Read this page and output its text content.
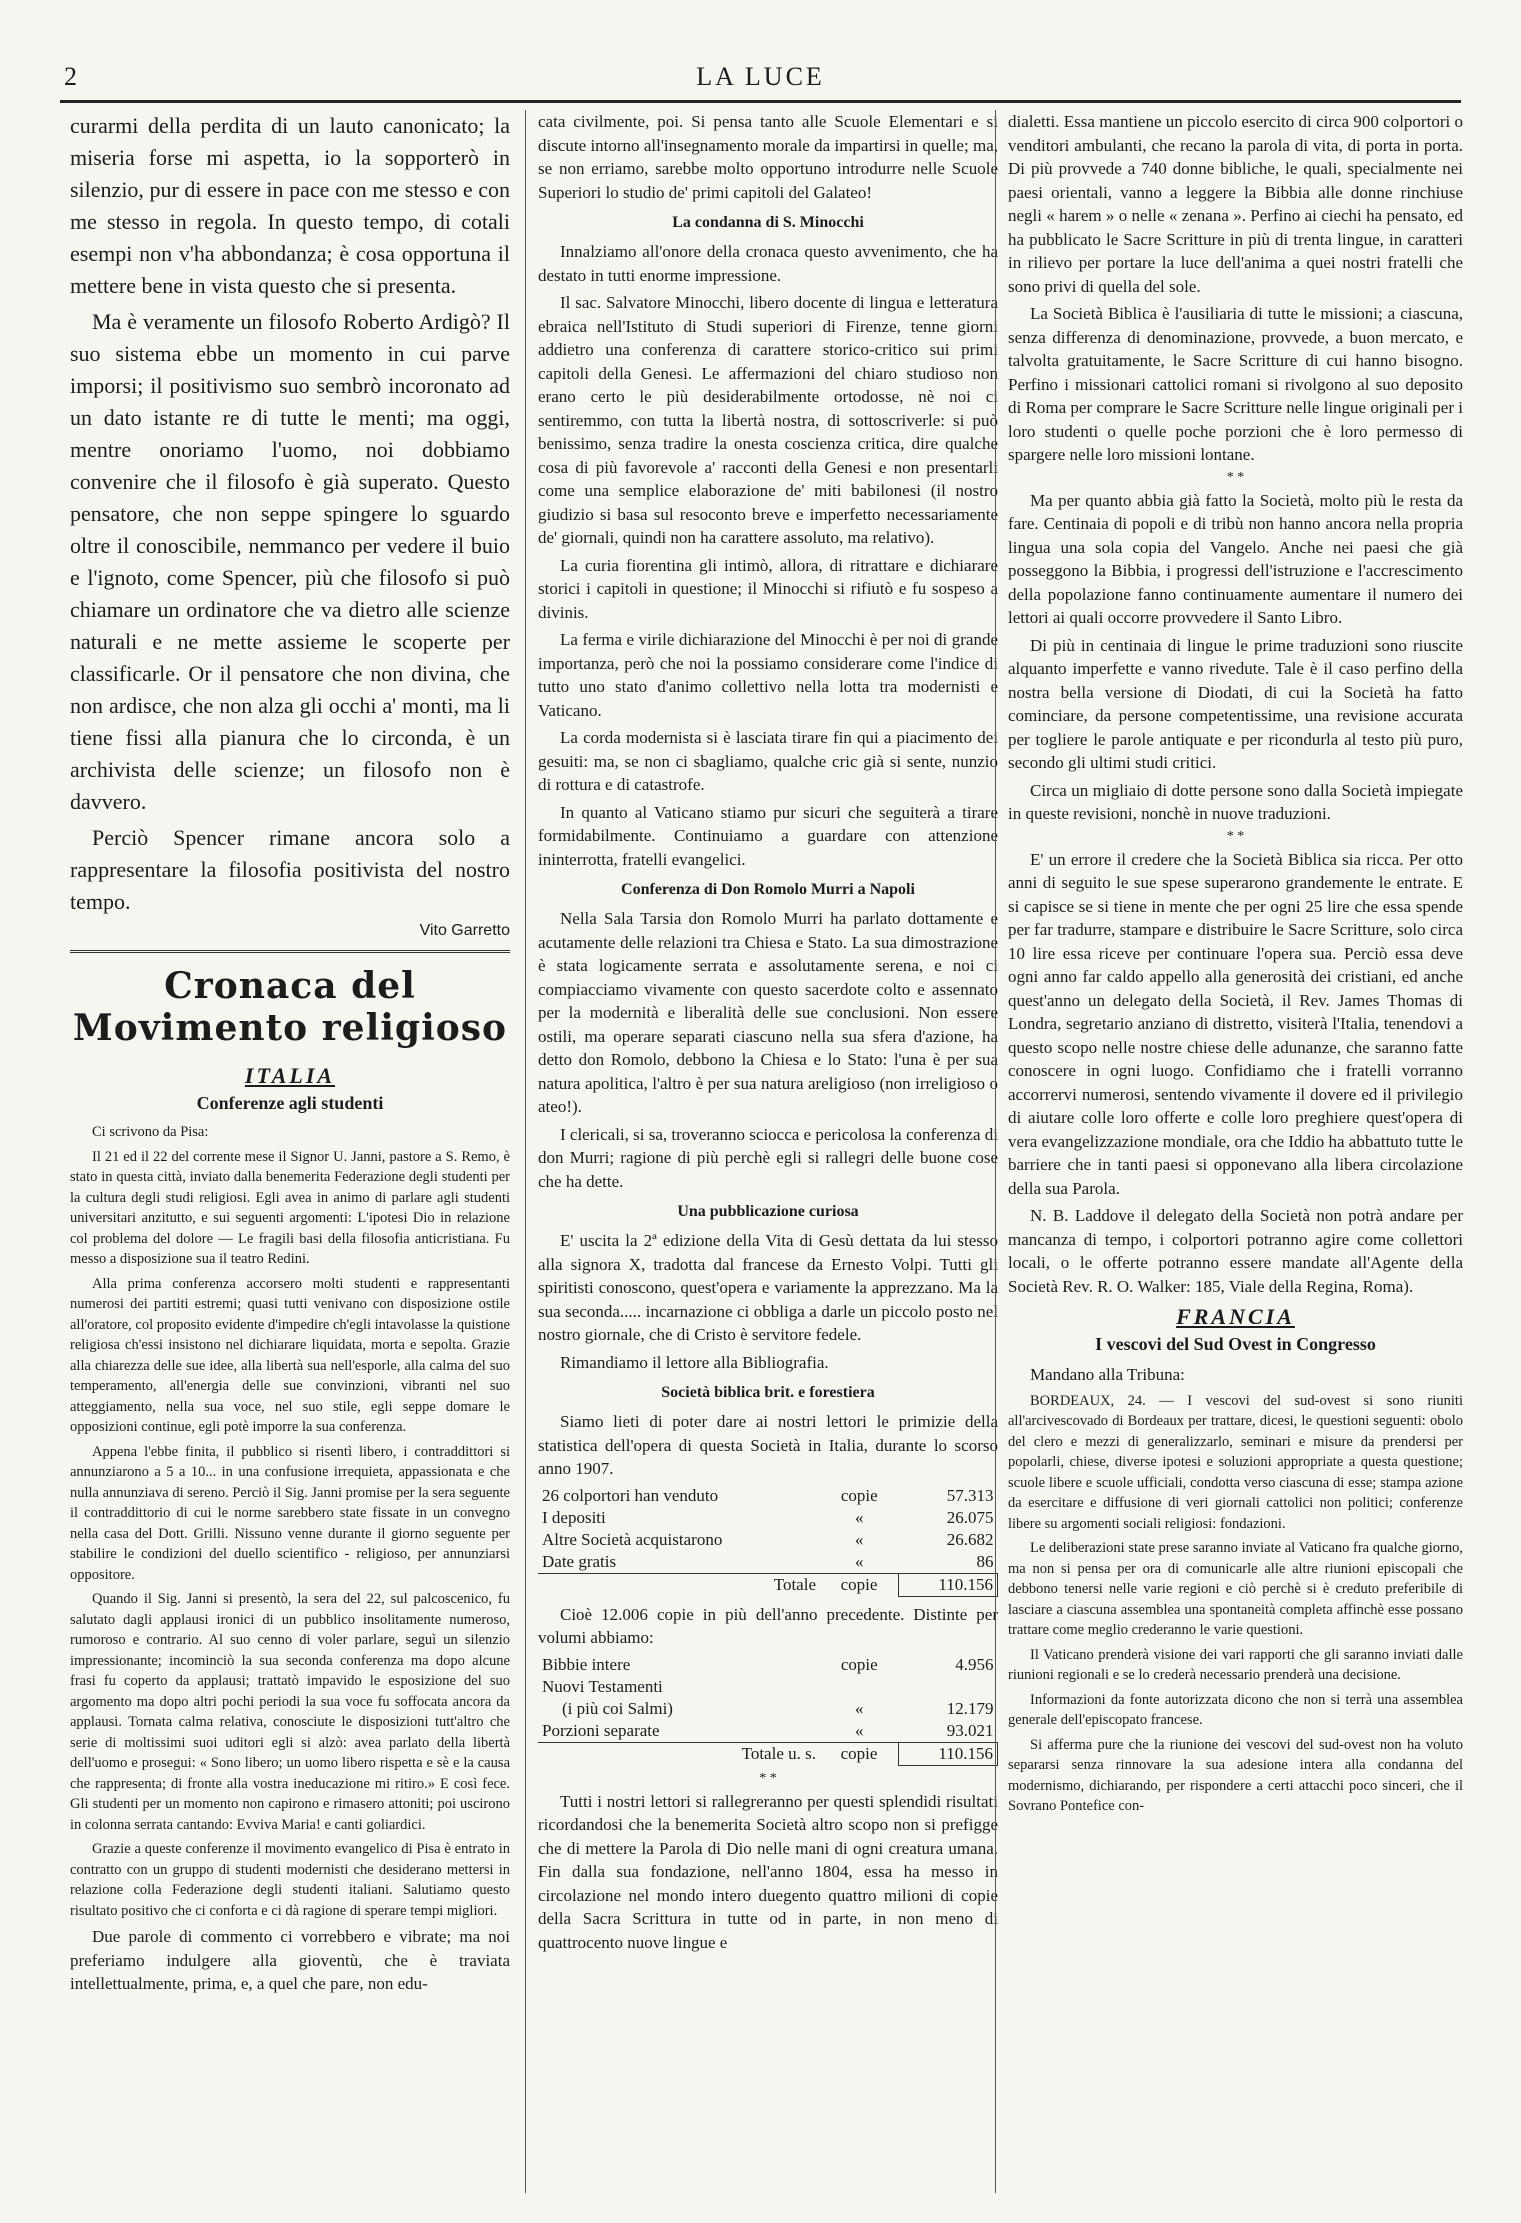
2	LA LUCE

curarmi della perdita di un lauto canonicato; la miseria forse mi aspetta, io la sopporterò in silenzio, pur di essere in pace con me stesso e con me stesso in regola. In questo tempo, di cotali esempi non v'ha abbondanza; è cosa opportuna il mettere bene in vista questo che si presenta.

Ma è veramente un filosofo Roberto Ardigò? Il suo sistema ebbe un momento in cui parve imporsi; il positivismo suo sembrò incoronato ad un dato istante re di tutte le menti; ma oggi, mentre onoriamo l'uomo, noi dobbiamo convenire che il filosofo è già superato. Questo pensatore, che non seppe spingere lo sguardo oltre il conoscibile, nemmanco per vedere il buio e l'ignoto, come Spencer, più che filosofo si può chiamare un ordinatore che va dietro alle scienze naturali e ne mette assieme le scoperte per classificarle. Or il pensatore che non divina, che non ardisce, che non alza gli occhi a' monti, ma li tiene fissi alla pianura che lo circonda, è un archivista delle scienze; un filosofo non è davvero.

Perciò Spencer rimane ancora solo a rappresentare la filosofia positivista del nostro tempo.

Vito Garretto
Cronaca del Movimento religioso
ITALIA
Conferenze agli studenti

Ci scrivono da Pisa:

Il 21 ed il 22 del corrente mese il Signor U. Janni, pastore a S. Remo, è stato in questa città, inviato dalla benemerita Federazione degli studenti per la cultura degli studi religiosi. Egli avea in animo di parlare agli studenti universitari anzitutto, e sui seguenti argomenti: L'ipotesi Dio in relazione col problema del dolore — Le fragili basi della filosofia anticristiana. Fu messo a disposizione sua il teatro Redini.

Alla prima conferenza accorsero molti studenti e rappresentanti numerosi dei partiti estremi; quasi tutti venivano con disposizione ostile all'oratore, col proposito evidente d'impedire ch'egli intavolasse la quistione religiosa ch'essi insistono nel dichiarare liquidata, morta e sepolta. Grazie alla chiarezza delle sue idee, alla libertà sua nell'esporle, alla calma del suo temperamento, all'energia delle sue convinzioni, vibranti nel suo atteggiamento, nella sua voce, nel suo stile, egli seppe domare le opposizioni continue, egli potè imporre la sua conferenza.

Appena l'ebbe finita, il pubblico si risentì libero, i contraddittori si annunziarono a 5 a 10... in una confusione irrequieta, appassionata e che nulla annunziava di sereno. Perciò il Sig. Janni promise per la sera seguente il contraddittorio di cui le norme sarebbero state fissate in un convegno nella casa del Dott. Grilli. Nissuno venne durante il giorno seguente per stabilire le condizioni del duello scientifico - religioso, per annunziarsi oppositore.

Quando il Sig. Janni si presentò, la sera del 22, sul palcoscenico, fu salutato dagli applausi ironici di un pubblico insolitamente numeroso, rumoroso e contrario. Al suo cenno di voler parlare, seguì un silenzio impressionante; incominciò la sua seconda conferenza ma dopo alcune frasi fu coperto da applausi; trattatò impavido le esposizione del suo argomento ma dopo altri pochi periodi la sua voce fu soffocata ancora da applausi. Tornata calma relativa, conosciute le disposizioni tutt'altro che serie di moltissimi suoi uditori egli si alzò: avea parlato della libertà dell'uomo e prosegui: « Sono libero; un uomo libero rispetta e sè e la causa che rappresenta; di fronte alla vostra ineducazione mi ritiro.» E così fece. Gli studenti per un momento non capirono e rimasero attoniti; poi uscirono in colonna serrata cantando: Evviva Maria! e canti goliardici.

Grazie a queste conferenze il movimento evangelico di Pisa è entrato in contratto con un gruppo di studenti modernisti che desiderano mettersi in relazione colla Federazione degli studenti italiani. Salutiamo questo risultato positivo che ci conforta e ci dà ragione di sperare tempi migliori.

Due parole di commento ci vorrebbero e vibrate; ma noi preferiamo indulgere alla gioventù, che è traviata intellettualmente, prima, e, a quel che pare, non edu-

cata civilmente, poi. Si pensa tanto alle Scuole Elementari e si discute intorno all'insegnamento morale da impartirsi in quelle; ma, se non erriamo, sarebbe molto opportuno introdurre nelle Scuole Superiori lo studio de' primi capitoli del Galateo!

La condanna di S. Minocchi

Innalziamo all'onore della cronaca questo avvenimento, che ha destato in tutti enorme impressione.

Il sac. Salvatore Minocchi, libero docente di lingua e letteratura ebraica nell'Istituto di Studi superiori di Firenze, tenne giorni addietro una conferenza di carattere storico-critico sui primi capitoli della Genesi. Le affermazioni del chiaro studioso non erano certo le più desiderabilmente ortodosse, nè noi ci sentiremmo, con tutta la libertà nostra, di sottoscriverle: si può benissimo, senza tradire la onesta coscienza critica, dire qualche cosa di più favorevole a' racconti della Genesi e non presentarli come una semplice elaborazione de' miti babilonesi (il nostro giudizio si basa sul resoconto breve e imperfetto necessariamente de' giornali, quindi non ha carattere assoluto, ma relativo).

La curia fiorentina gli intimò, allora, di ritrattare e dichiarare storici i capitoli in questione; il Minocchi si rifiutò e fu sospeso a divinis.

La ferma e virile dichiarazione del Minocchi è per noi di grande importanza, però che noi la possiamo considerare come l'indice di tutto uno stato d'animo collettivo nella lotta tra modernisti e Vaticano.

La corda modernista si è lasciata tirare fin qui a piacimento dei gesuiti: ma, se non ci sbagliamo, qualche cric già si sente, nunzio di rottura e di catastrofe.

In quanto al Vaticano stiamo pur sicuri che seguiterà a tirare formidabilmente. Continuiamo a guardare con attenzione ininterrotta, fratelli evangelici.

Conferenza di Don Romolo Murri a Napoli

Nella Sala Tarsia don Romolo Murri ha parlato dottamente e acutamente delle relazioni tra Chiesa e Stato. La sua dimostrazione è stata logicamente serrata e assolutamente serena, e noi ci compiacciamo vivamente con questo sacerdote colto e assennato per la modernità e liberalità delle sue conclusioni. Non essere ostili, ma operare separati ciascuno nella sua sfera d'azione, ha detto don Romolo, debbono la Chiesa e lo Stato: l'una è per sua natura apolitica, l'altro è per sua natura areligioso (non irreligioso o ateo!).

I clericali, si sa, troveranno sciocca e pericolosa la conferenza di don Murri; ragione di più perchè egli si rallegri delle buone cose che ha dette.

Una pubblicazione curiosa

E' uscita la 2ª edizione della Vita di Gesù dettata da lui stesso alla signora X, tradotta dal francese da Ernesto Volpi. Tutti gli spiritisti conoscono, quest'opera e variamente la apprezzano. Ma la sua seconda..... incarnazione ci obbliga a darle un piccolo posto nel nostro giornale, che di Cristo è servitore fedele.

Rimandiamo il lettore alla Bibliografia.

Società biblica brit. e forestiera

Siamo lieti di poter dare ai nostri lettori le primizie della statistica dell'opera di questa Società in Italia, durante lo scorso anno 1907.

26 colportori han venduto	copie	57.313
I depositi	«	26.075
Altre Società acquistarono	«	26.682
Date gratis	«	86
Totale	copie	110.156

Cioè 12.006 copie in più dell'anno precedente. Distinte per volumi abbiamo:

Bibbie intere	copie	4.956
Nuovi Testamenti		
(i più coi Salmi)	«	12.179
Porzioni separate	«	93.021
Totale u. s.	copie	110.156
* *

Tutti i nostri lettori si rallegreranno per questi splendidi risultati ricordandosi che la benemerita Società altro scopo non si prefigge che di mettere la Parola di Dio nelle mani di ogni creatura umana. Fin dalla sua fondazione, nell'anno 1804, essa ha messo in circolazione nel mondo intero duegento quattro milioni di copie della Sacra Scrittura in tutte od in parte, in non meno di quattrocento nuove lingue e

dialetti. Essa mantiene un piccolo esercito di circa 900 colportori o venditori ambulanti, che recano la parola di vita, di porta in porta. Di più provvede a 740 donne bibliche, le quali, specialmente nei paesi orientali, vanno a leggere la Bibbia alle donne rinchiuse negli « harem » o nelle « zenana ». Perfino ai ciechi ha pensato, ed ha pubblicato le Sacre Scritture in più di trenta lingue, in caratteri in rilievo per portare la luce dell'anima a quei nostri fratelli che sono privi di quella del sole.

La Società Biblica è l'ausiliaria di tutte le missioni; a ciascuna, senza differenza di denominazione, provvede, a buon mercato, e talvolta gratuitamente, le Sacre Scritture di cui hanno bisogno. Perfino i missionari cattolici romani si rivolgono al suo deposito di Roma per comprare le Sacre Scritture nelle lingue originali per i loro studenti o quelle poche porzioni che è loro permesso di spargere nelle loro missioni lontane.

* *

Ma per quanto abbia già fatto la Società, molto più le resta da fare. Centinaia di popoli e di tribù non hanno ancora nella propria lingua una sola copia del Vangelo. Anche nei paesi che già posseggono la Bibbia, i progressi dell'istruzione e l'accrescimento della popolazione fanno continuamente aumentare il numero dei lettori ai quali occorre provvedere il Santo Libro.

Di più in centinaia di lingue le prime traduzioni sono riuscite alquanto imperfette e vanno rivedute. Tale è il caso perfino della nostra bella versione di Diodati, di cui la Società ha fatto cominciare, da persone competentissime, una revisione accurata per togliere le parole antiquate e per ricondurla al testo più puro, secondo gli ultimi studi critici.

Circa un migliaio di dotte persone sono dalla Società impiegate in queste revisioni, nonchè in nuove traduzioni.

* *

E' un errore il credere che la Società Biblica sia ricca. Per otto anni di seguito le sue spese superarono grandemente le entrate. E si capisce se si tiene in mente che per ogni 25 lire che essa spende per far tradurre, stampare e distribuire le Sacre Scritture, solo circa 10 lire essa riceve per continuare l'opera sua. Perciò essa deve ogni anno far caldo appello alla generosità dei cristiani, ed anche quest'anno un delegato della Società, il Rev. James Thomas di Londra, segretario anziano di distretto, visiterà l'Italia, tenendovi a questo scopo nelle nostre chiese delle adunanze, che saranno fatte conoscere in ogni luogo. Confidiamo che i fratelli vorranno accorrervi numerosi, sentendo vivamente il dovere ed il privilegio di aiutare colle loro offerte e colle loro preghiere quest'opera di vera evangelizzazione mondiale, ora che Iddio ha abbattuto tutte le barriere che in tanti paesi si opponevano alla libera circolazione della sua Parola.

N. B. Laddove il delegato della Società non potrà andare per mancanza di tempo, i colportori potranno agire come collettori locali, o le offerte potranno essere mandate all'Agente della Società Rev. R. O. Walker: 185, Viale della Regina, Roma).

FRANCIA
I vescovi del Sud Ovest in Congresso

Mandano alla Tribuna:

BORDEAUX, 24. — I vescovi del sud-ovest si sono riuniti all'arcivescovado di Bordeaux per trattare, dicesi, le questioni seguenti: obolo del clero e mezzi di generalizzarlo, seminari e misure da prendersi per popolarli, chiese, diverse ipotesi e soluzioni appropriate a questa questione; scuole libere e scuole ufficiali, condotta verso ciascuna di esse; stampa azione da esercitare e diffusione di veri giornali cattolici non politici; conferenze libere su argomenti sociali religiosi: fondazioni.

Le deliberazioni state prese saranno inviate al Vaticano fra qualche giorno, ma non si pensa per ora di comunicarle alle altre riunioni episcopali che debbono tenersi nelle varie regioni e ciò perchè si è creduto preferibile di lasciare a ciascuna assemblea una spontaneità completa affinchè esse possano trattare come meglio crederanno le varie questioni.

Il Vaticano prenderà visione dei vari rapporti che gli saranno inviati dalle riunioni regionali e se lo crederà necessario prenderà una decisione.

Informazioni da fonte autorizzata dicono che non si terrà una assemblea generale dell'episcopato francese.

Si afferma pure che la riunione dei vescovi del sud-ovest non ha voluto separarsi senza rinnovare la sua adesione intera alla condanna del modernismo, dichiarando, per rispondere a certi attacchi poco sinceri, che il Sovrano Pontefice con-
